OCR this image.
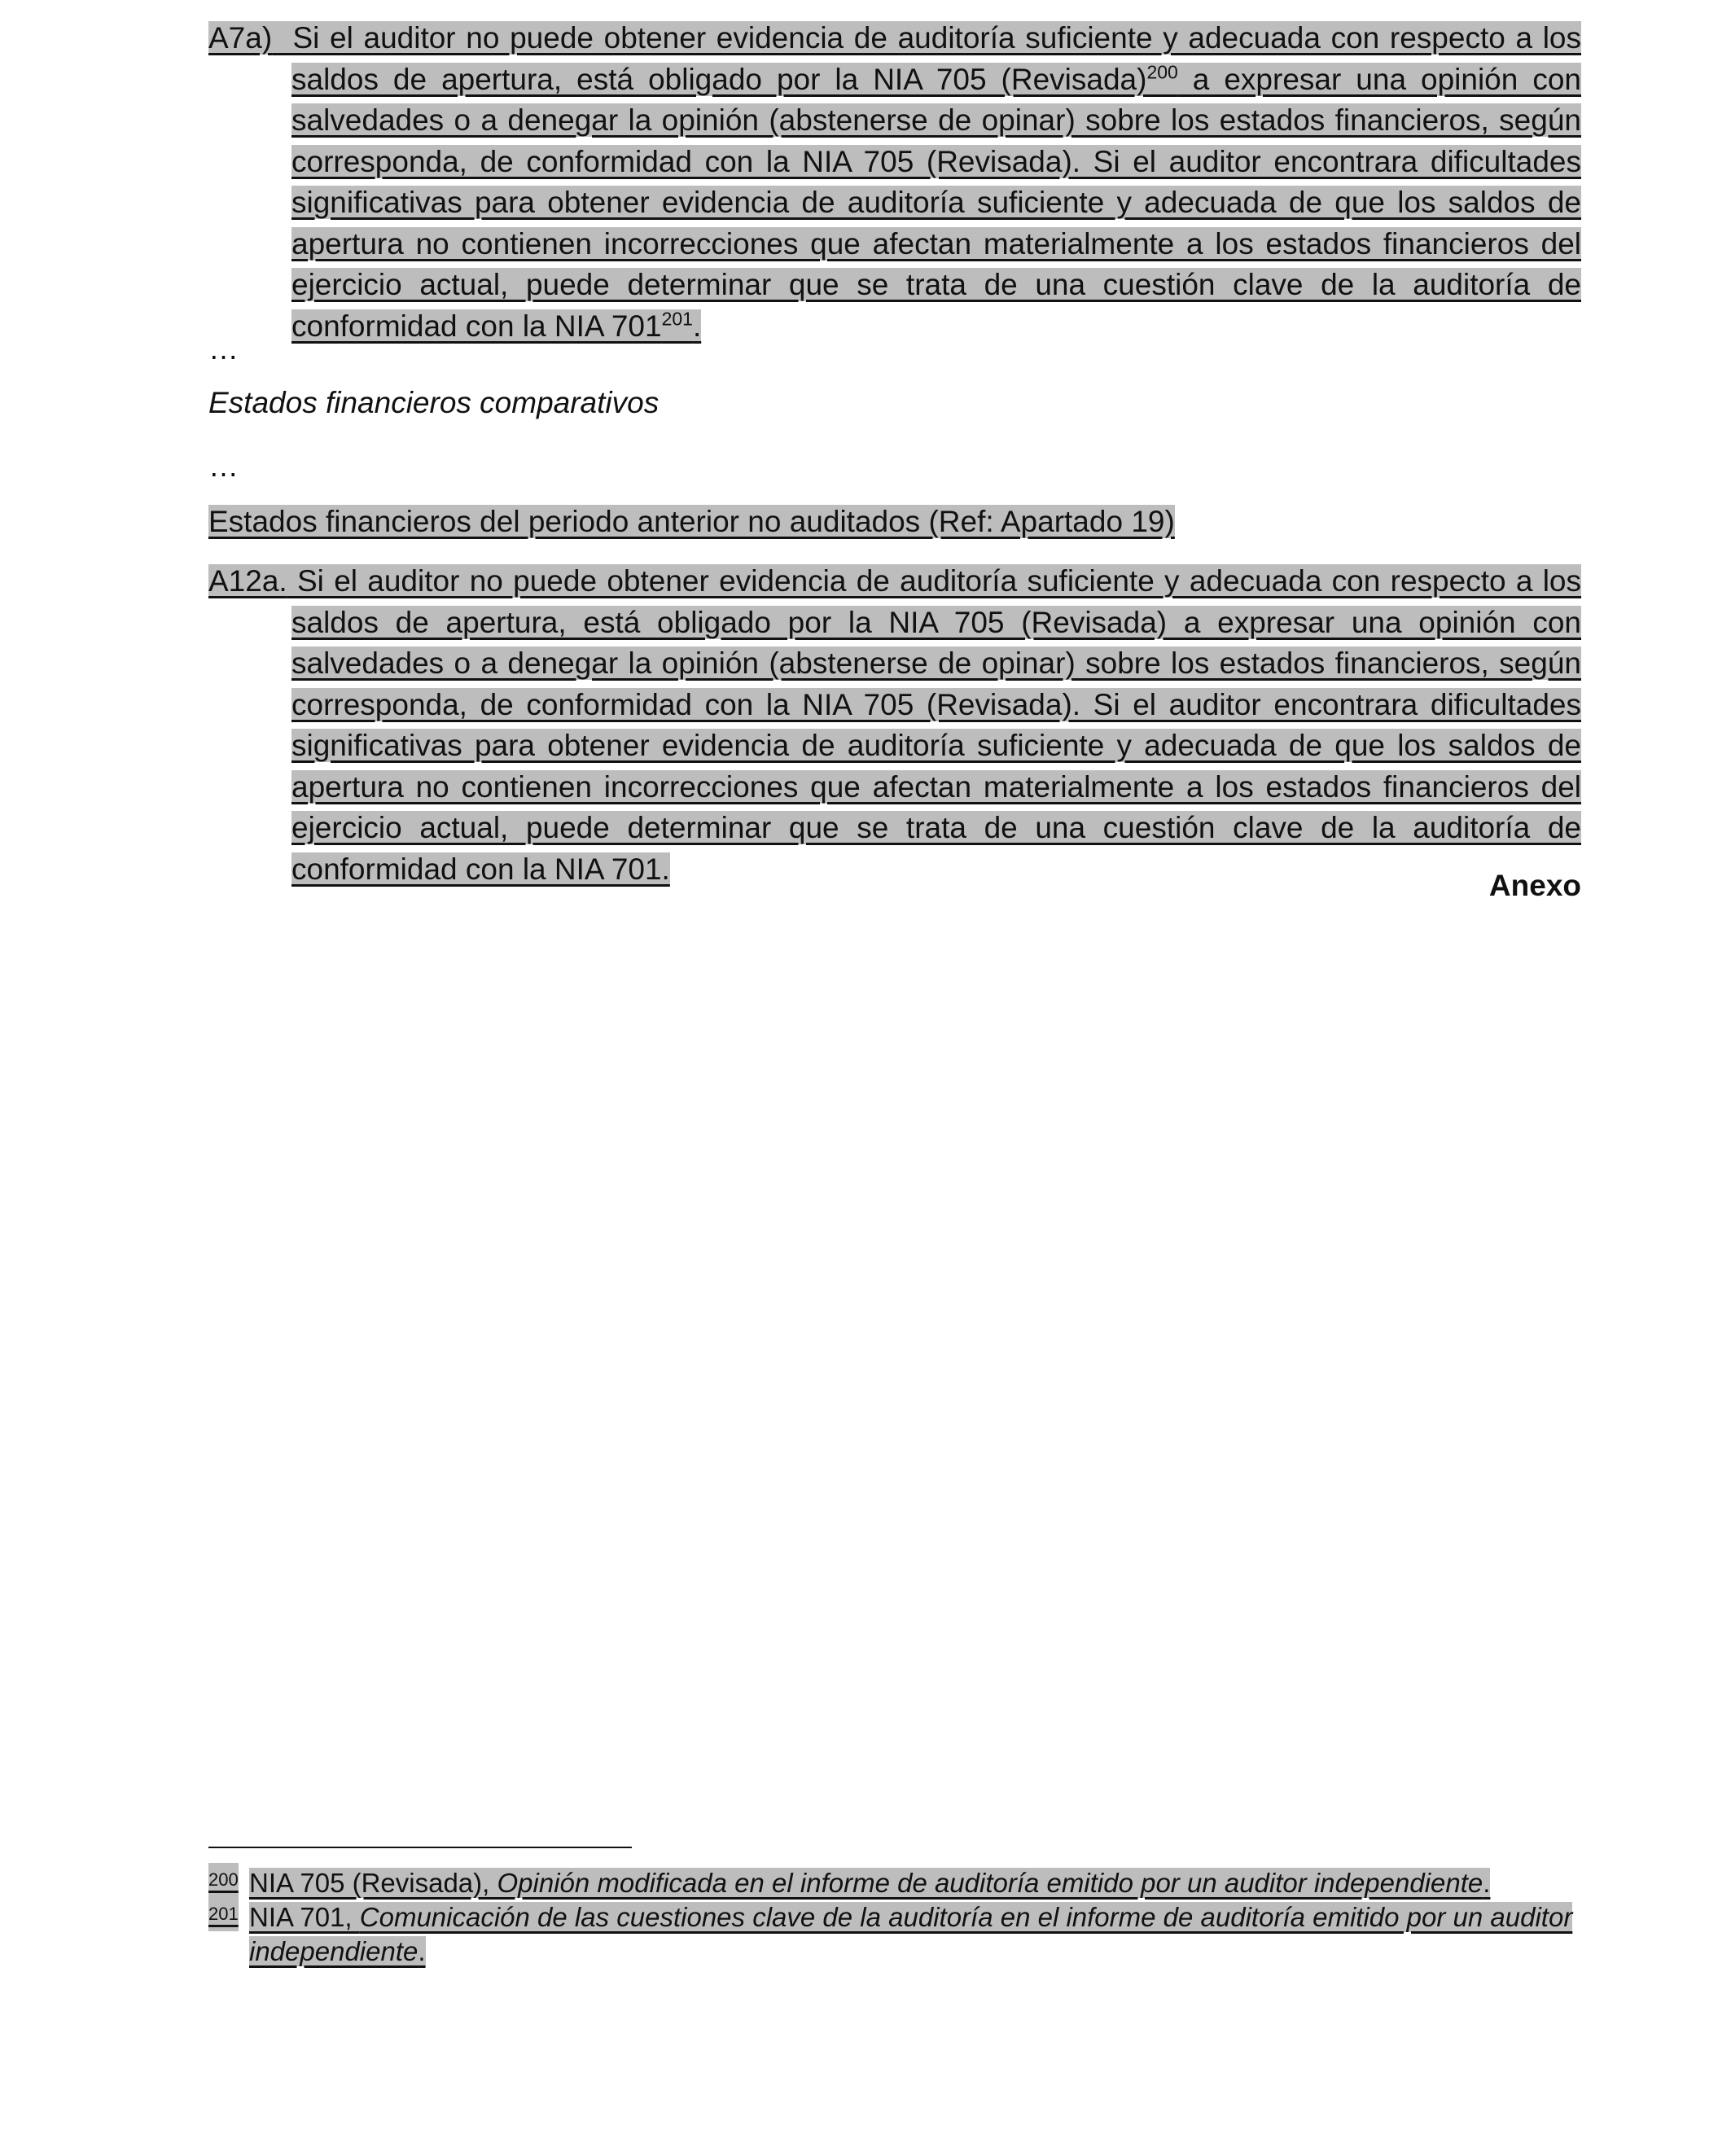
A7a) Si el auditor no puede obtener evidencia de auditoría suficiente y adecuada con respecto a los saldos de apertura, está obligado por la NIA 705 (Revisada)$^{200}$ a expresar una opinión con salvedades o a denegar la opinión (abstenerse de opinar) sobre los estados financieros, según corresponda, de conformidad con la NIA 705 (Revisada). Si el auditor encontrara dificultades significativas para obtener evidencia de auditoría suficiente y adecuada de que los saldos de apertura no contienen incorrecciones que afectan materialmente a los estados financieros del ejercicio actual, puede determinar que se trata de una cuestión clave de la auditoría de conformidad con la NIA $701^{201}$.

…
Estados financieros comparativos
…
Estados financieros del periodo anterior no auditados (Ref: Apartado 19)

A12a. Si el auditor no puede obtener evidencia de auditoría suficiente y adecuada con respecto a los saldos de apertura, está obligado por la NIA 705 (Revisada) a expresar una opinión con salvedades o a denegar la opinión (abstenerse de opinar) sobre los estados financieros, según corresponda, de conformidad con la NIA 705 (Revisada). Si el auditor encontrara dificultades significativas para obtener evidencia de auditoría suficiente y adecuada de que los saldos de apertura no contienen incorrecciones que afectan materialmente a los estados financieros del ejercicio actual, puede determinar que se trata de una cuestión clave de la auditoría de conformidad con la NIA 701.	Anexo
200 NIA 705 (Revisada), Opinión modificada en el informe de auditoría emitido por un auditor independiente.
201 NIA 701, Comunicación de las cuestiones clave de la auditoría en el informe de auditoría emitido por un auditor independiente.
